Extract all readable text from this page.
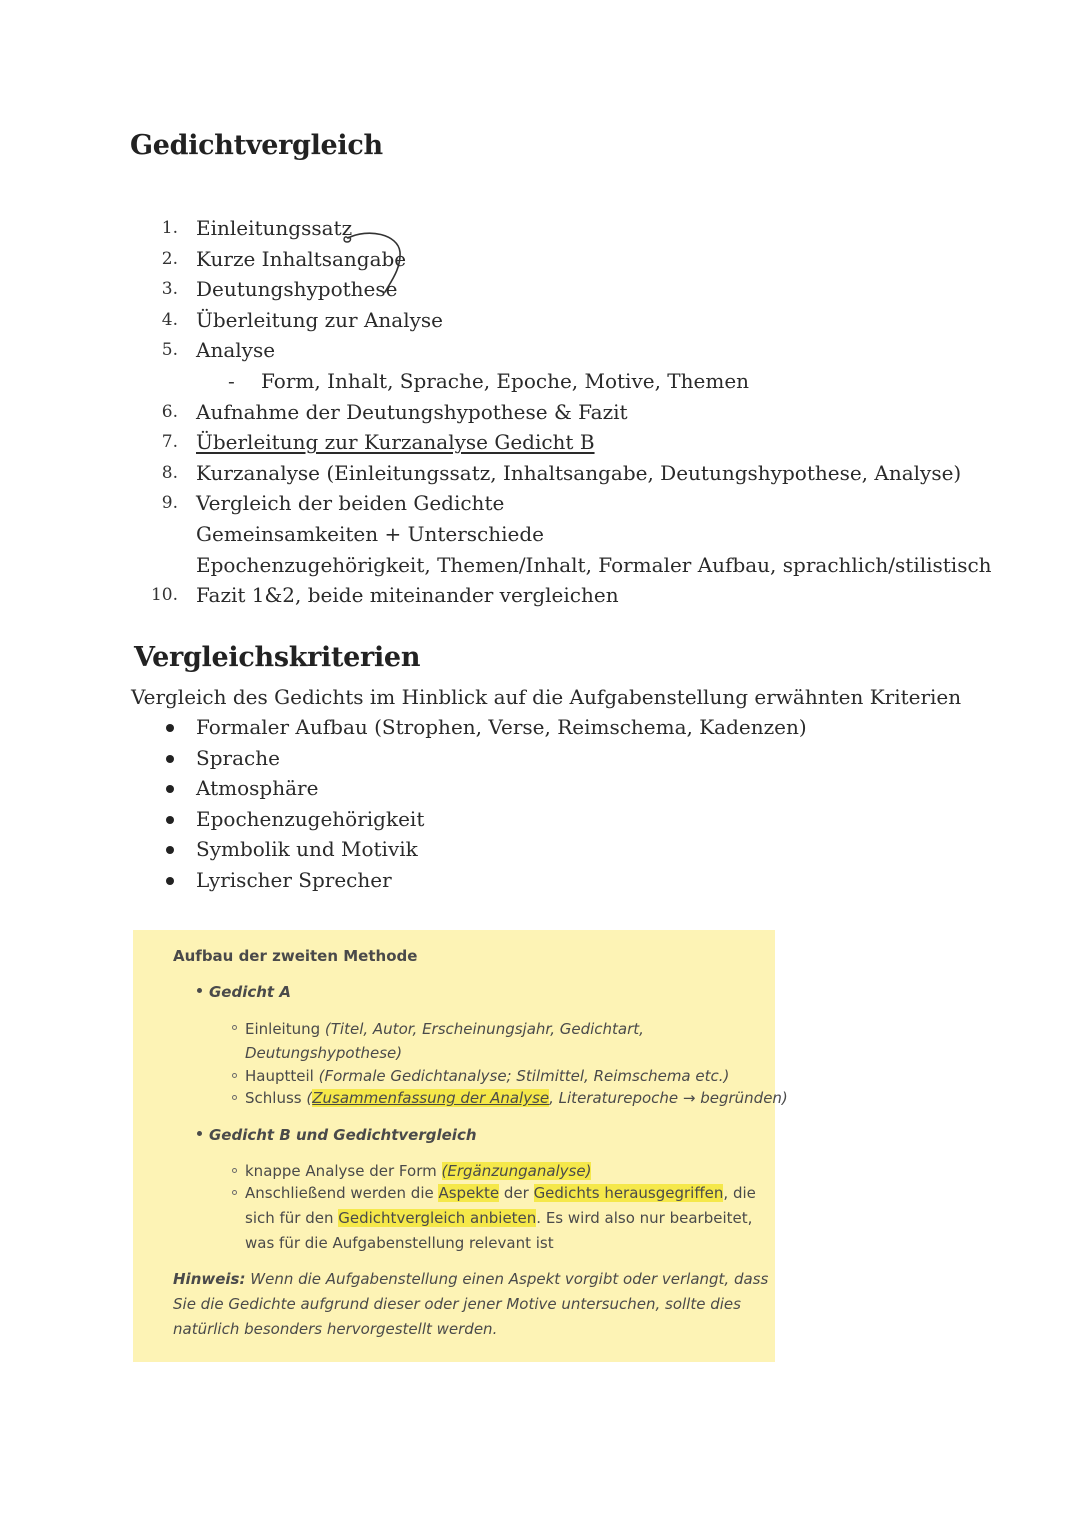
Gedichtvergleich
1. Einleitungssatz
2. Kurze Inhaltsangabe
3. Deutungshypothese
4. Überleitung zur Analyse
5. Analyse
- Form, Inhalt, Sprache, Epoche, Motive, Themen
6. Aufnahme der Deutungshypothese & Fazit
7. Überleitung zur Kurzanalyse Gedicht B
8. Kurzanalyse (Einleitungssatz, Inhaltsangabe, Deutungshypothese, Analyse)
9. Vergleich der beiden Gedichte
Gemeinsamkeiten + Unterschiede
Epochenzugehörigkeit, Themen/Inhalt, Formaler Aufbau, sprachlich/stilistisch
10. Fazit 1&2, beide miteinander vergleichen
Vergleichskriterien

Vergleich des Gedichts im Hinblick auf die Aufgabenstellung erwähnten Kriterien

Formaler Aufbau (Strophen, Verse, Reimschema, Kadenzen)
Sprache
Atmosphäre
Epochenzugehörigkeit
Symbolik und Motivik
Lyrischer Sprecher
Aufbau der zweiten Methode
Gedicht A
Einleitung (Titel, Autor, Erscheinungsjahr, Gedichtart,
Deutungshypothese)
Hauptteil (Formale Gedichtanalyse; Stilmittel, Reimschema etc.)
Schluss (Zusammenfassung der Analyse, Literaturepoche → begründen)
Gedicht B und Gedichtvergleich
knappe Analyse der Form (Ergänzunganalyse)
Anschließend werden die Aspekte der Gedichts herausgegriffen, die
sich für den Gedichtvergleich anbieten. Es wird also nur bearbeitet,
was für die Aufgabenstellung relevant ist
Hinweis: Wenn die Aufgabenstellung einen Aspekt vorgibt oder verlangt, dass
Sie die Gedichte aufgrund dieser oder jener Motive untersuchen, sollte dies
natürlich besonders hervorgestellt werden.
